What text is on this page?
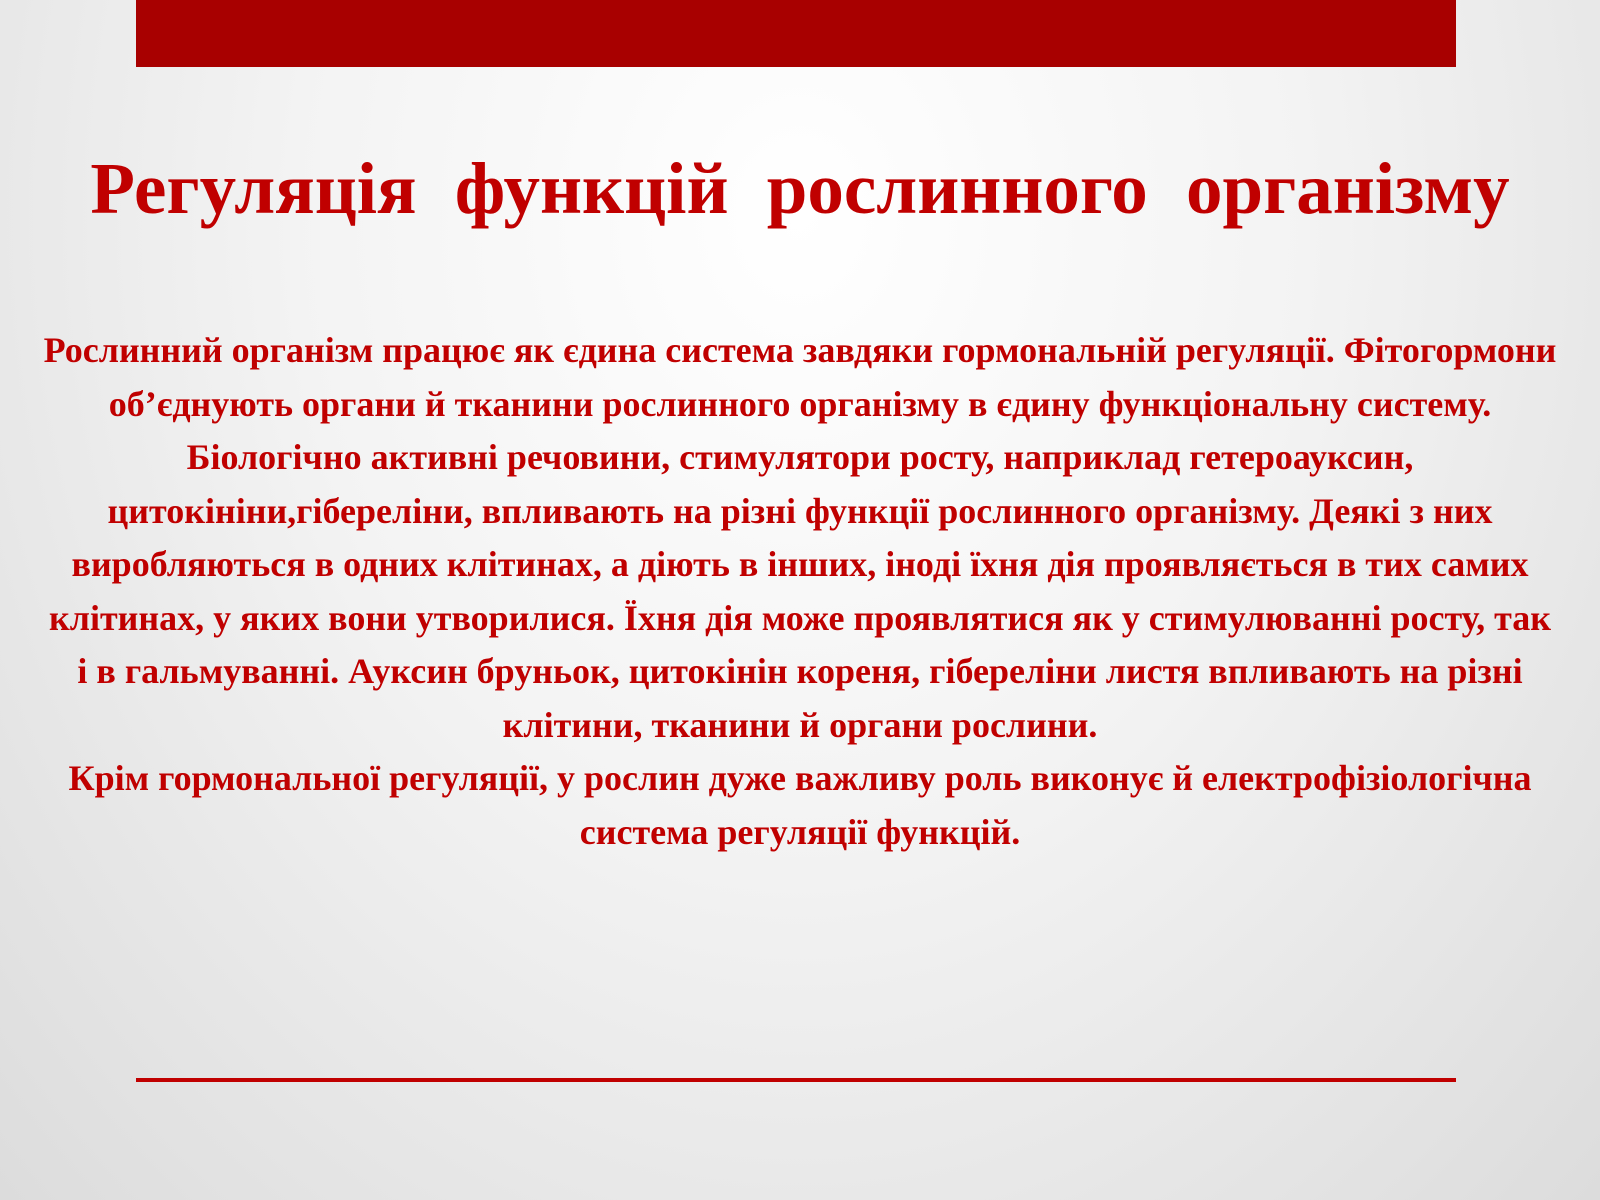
Регуляція функцій рослинного організму

Рослинний організм працює як єдина система завдяки гормональній регуляції. Фітогормони об’єднують органи й тканини рослинного організму в єдину функціональну систему. Біологічно активні речовини, стимулятори росту, наприклад гетероауксин, цитокініни,гібереліни, впливають на різні функції рослинного організму. Деякі з них виробляються в одних клітинах, а діють в інших, іноді їхня дія проявляється в тих самих клітинах, у яких вони утворилися. Їхня дія може проявлятися як у стимулюванні росту, так і в гальмуванні. Ауксин бруньок, цитокінін кореня, гібереліни листя впливають на різні клітини, тканини й органи рослини.

Крім гормональної регуляції, у рослин дуже важливу роль виконує й електрофізіологічна система регуляції функцій.
